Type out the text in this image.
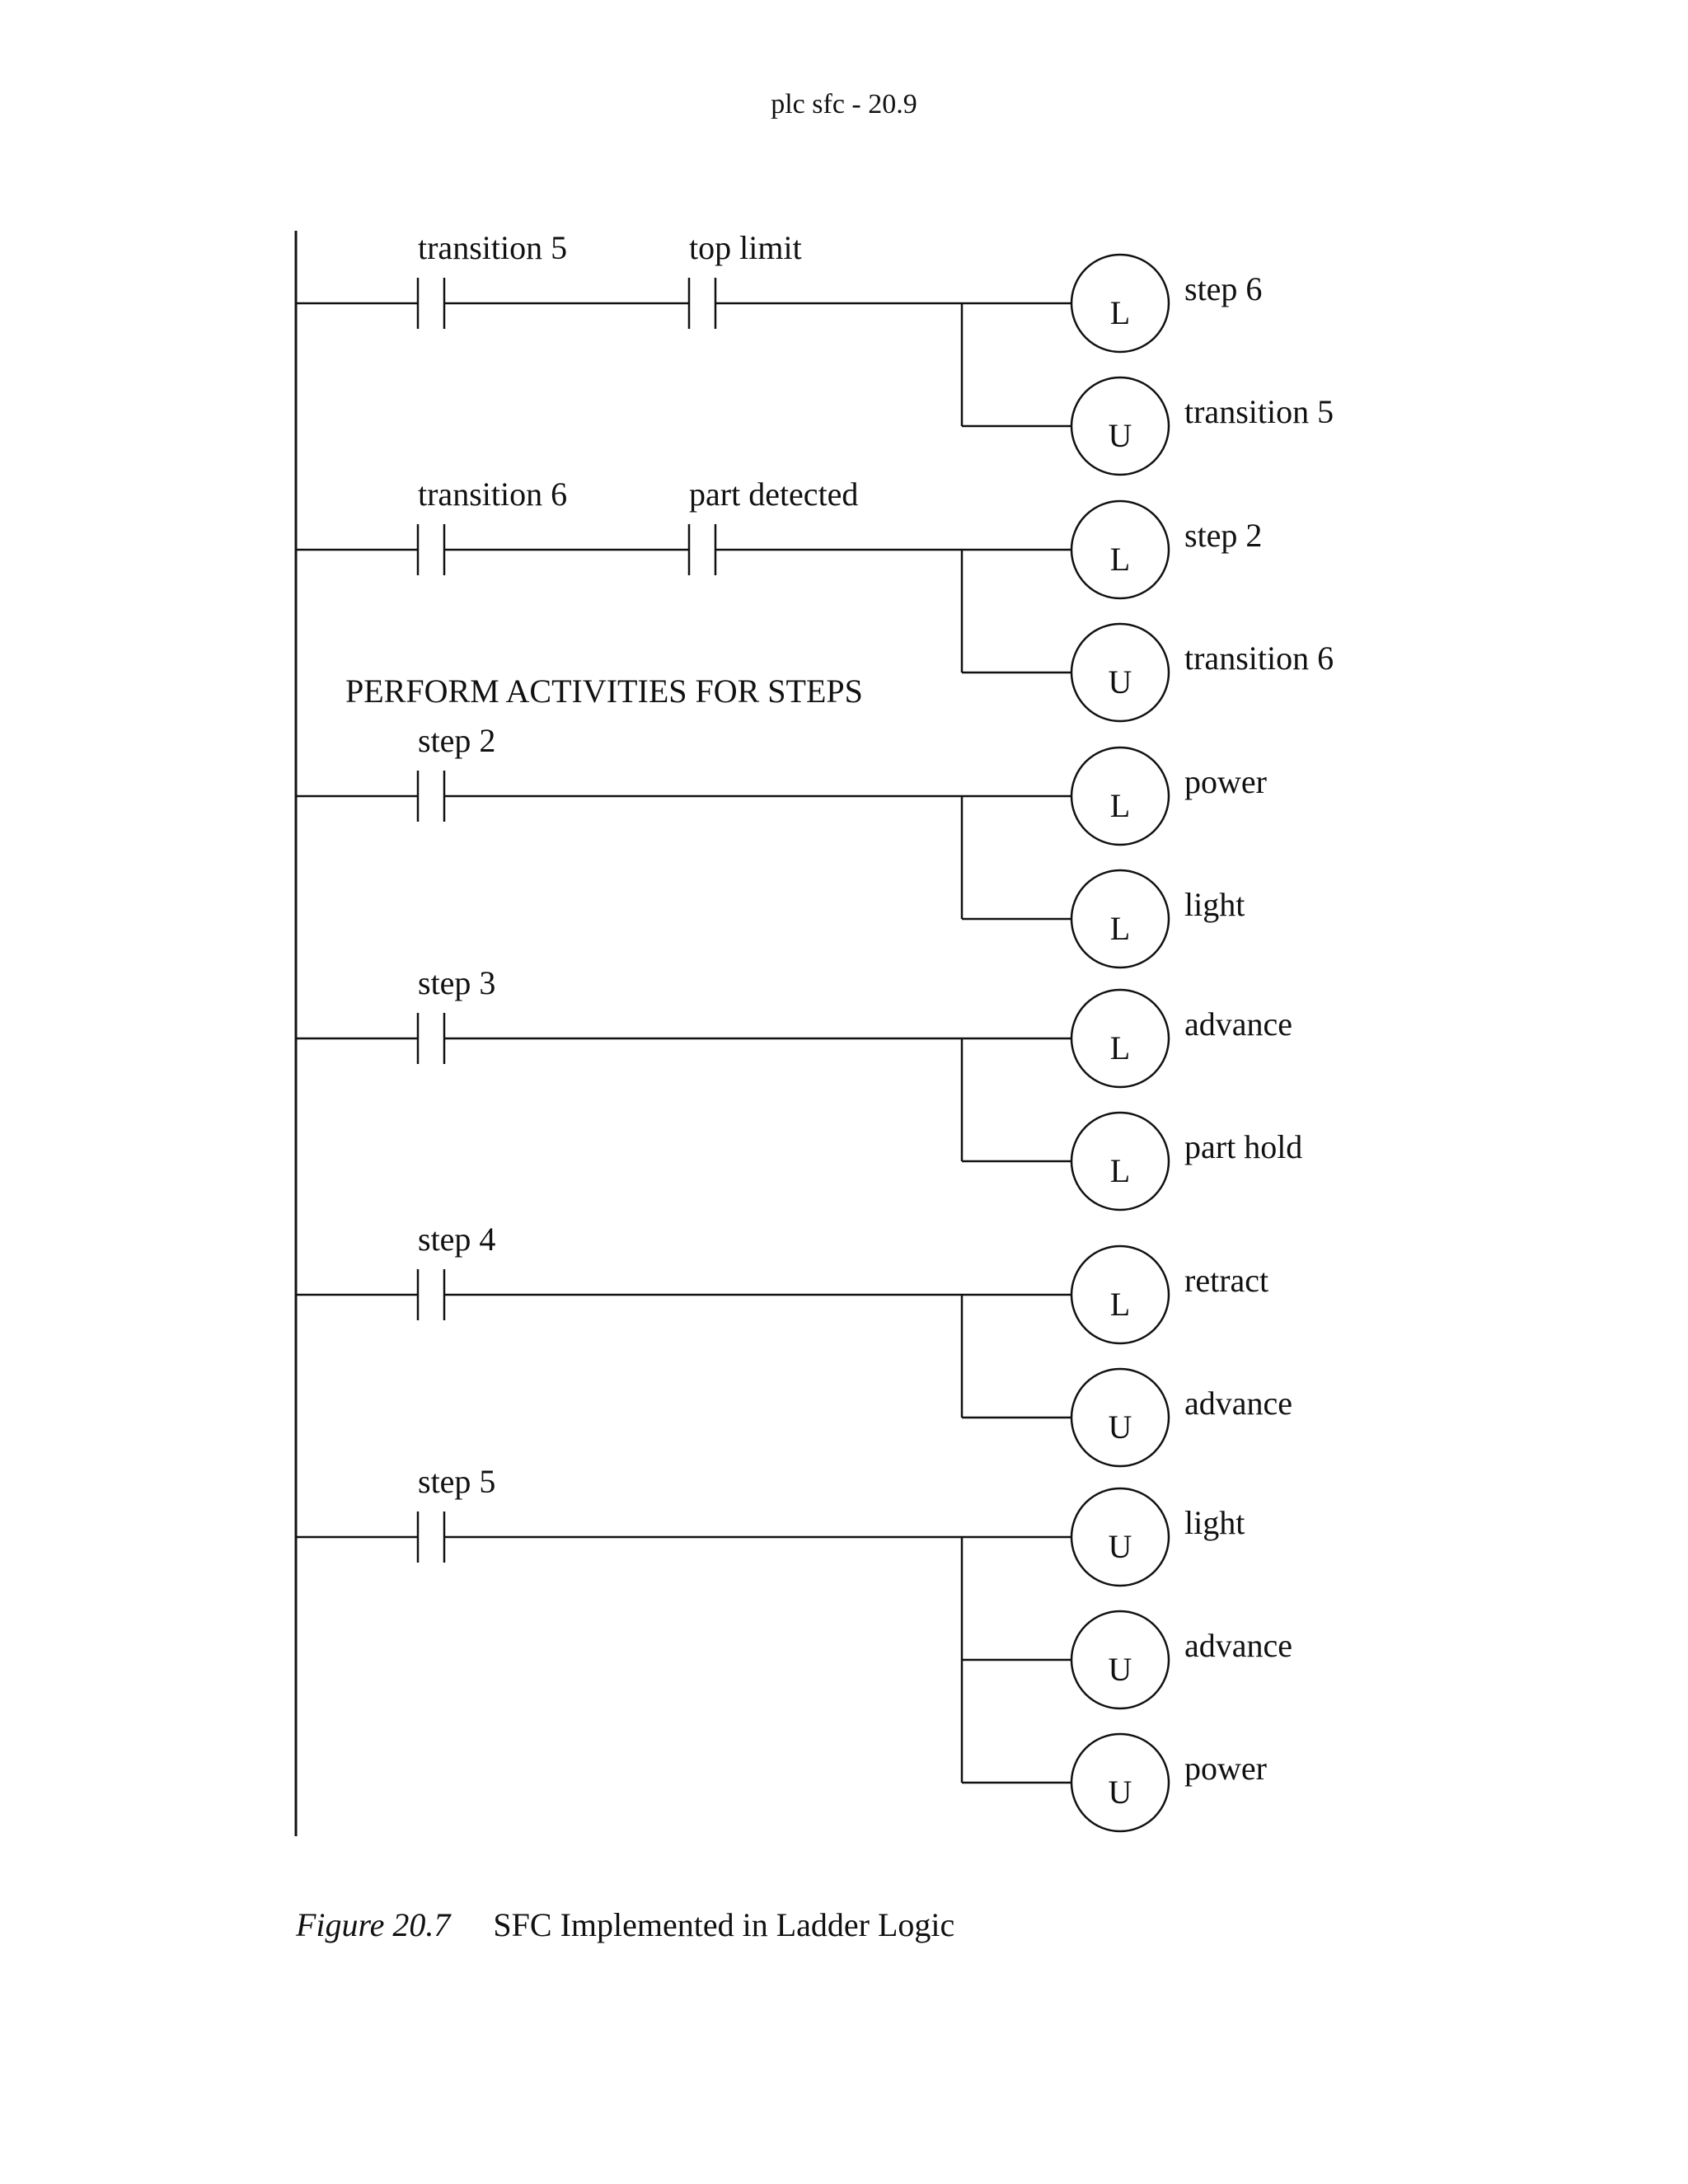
plc sfc - 20.9
PERFORM ACTIVITIES FOR STEPS
transition 5	top limit
L
step 6
U
transition 5
transition 6	part detected
L
step 2
U
transition 6
step 2
L
power
L
light
step 3
L
advance
L
part hold
step 4
L
retract
U
advance
step 5
U
light
U
advance
U
power
Figure 20.7 SFC Implemented in Ladder Logic
